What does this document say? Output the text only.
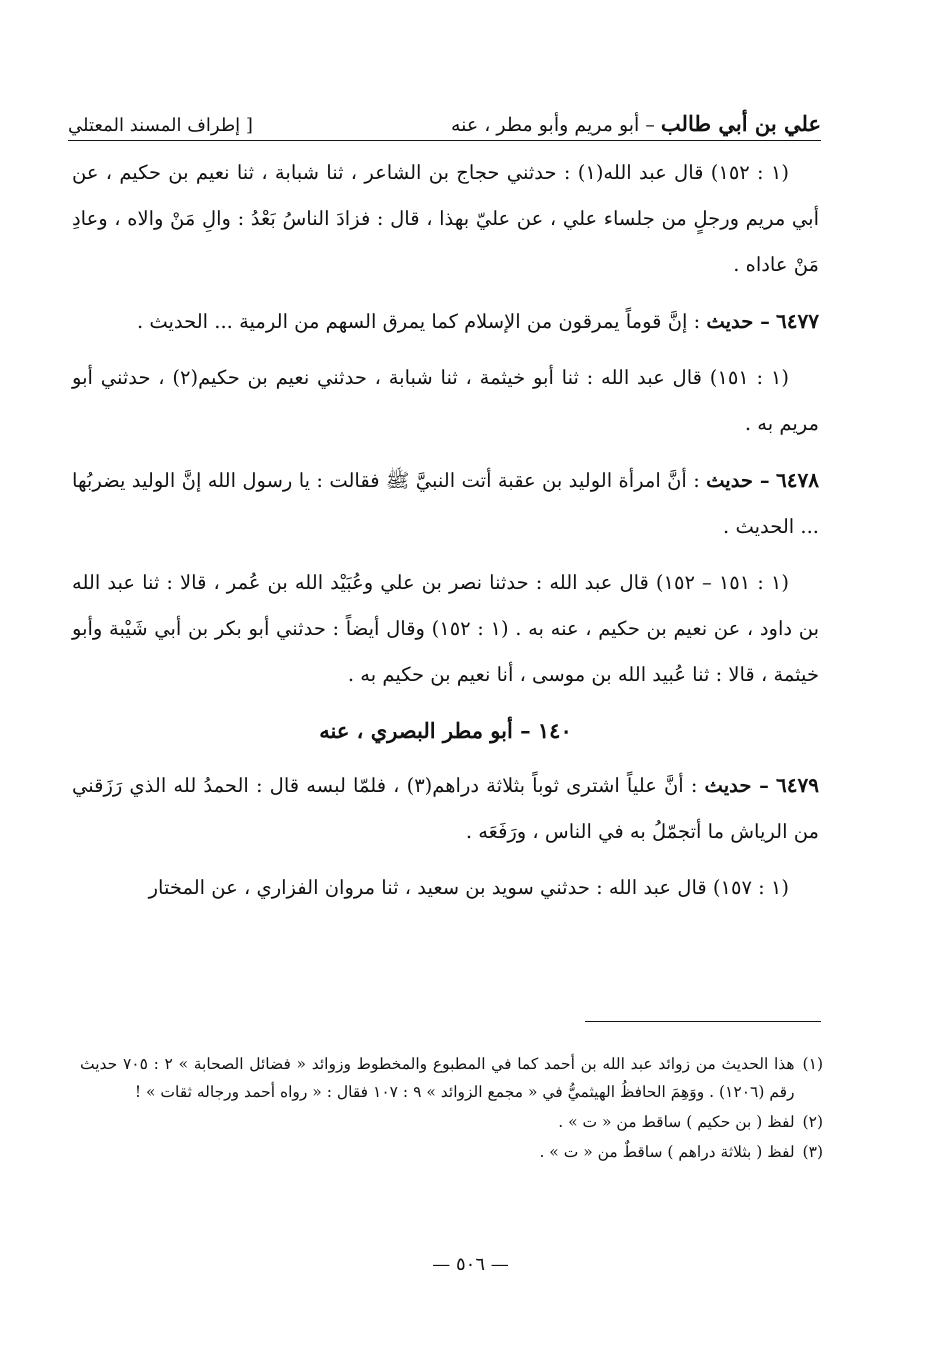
علي بن أبي طالب – أبو مريم وأبو مطر ، عنه
[ إطراف المسند المعتلي

(١ : ١٥٢) قال عبد الله(١) : حدثني حجاج بن الشاعر ، ثنا شبابة ، ثنا نعيم بن حكيم ، عن أبي مريم ورجلٍ من جلساء علي ، عن عليّ بهذا ، قال : فزادَ الناسُ بَعْدُ : والِ مَنْ والاه ، وعادِ مَنْ عاداه .

٦٤٧٧ – حديث : إنَّ قوماً يمرقون من الإسلام كما يمرق السهم من الرمية ... الحديث .

(١ : ١٥١) قال عبد الله : ثنا أبو خيثمة ، ثنا شبابة ، حدثني نعيم بن حكيم(٢) ، حدثني أبو مريم به .

٦٤٧٨ – حديث : أنَّ امرأة الوليد بن عقبة أتت النبيَّ ﷺ فقالت : يا رسول الله إنَّ الوليد يضربُها ... الحديث .

(١ : ١٥١ – ١٥٢) قال عبد الله : حدثنا نصر بن علي وعُبَيْد الله بن عُمر ، قالا : ثنا عبد الله بن داود ، عن نعيم بن حكيم ، عنه به . (١ : ١٥٢) وقال أيضاً : حدثني أبو بكر بن أبي شَيْبة وأبو خيثمة ، قالا : ثنا عُبيد الله بن موسى ، أنا نعيم بن حكيم به .

١٤٠ – أبو مطر البصري ، عنه

٦٤٧٩ – حديث : أنَّ علياً اشترى ثوباً بثلاثة دراهم(٣) ، فلمّا لبسه قال : الحمدُ لله الذي رَزَقني من الرياش ما أتجمّلُ به في الناس ، ورَفَعَه .

(١ : ١٥٧) قال عبد الله : حدثني سويد بن سعيد ، ثنا مروان الفزاري ، عن المختار

(١)
هذا الحديث من زوائد عبد الله بن أحمد كما في المطبوع والمخطوط وزوائد « فضائل الصحابة » ٢ : ٧٠٥ حديث رقم (١٢٠٦) . ووَهِمَ الحافظُ الهيثميُّ في « مجمع الزوائد » ٩ : ١٠٧ فقال : « رواه أحمد ورجاله ثقات » !
(٢)
لفظ ( بن حكيم ) ساقط من « ت » .
(٣)
لفظ ( بثلاثة دراهم ) ساقطٌ من « ت » .
— ٥٠٦ —
